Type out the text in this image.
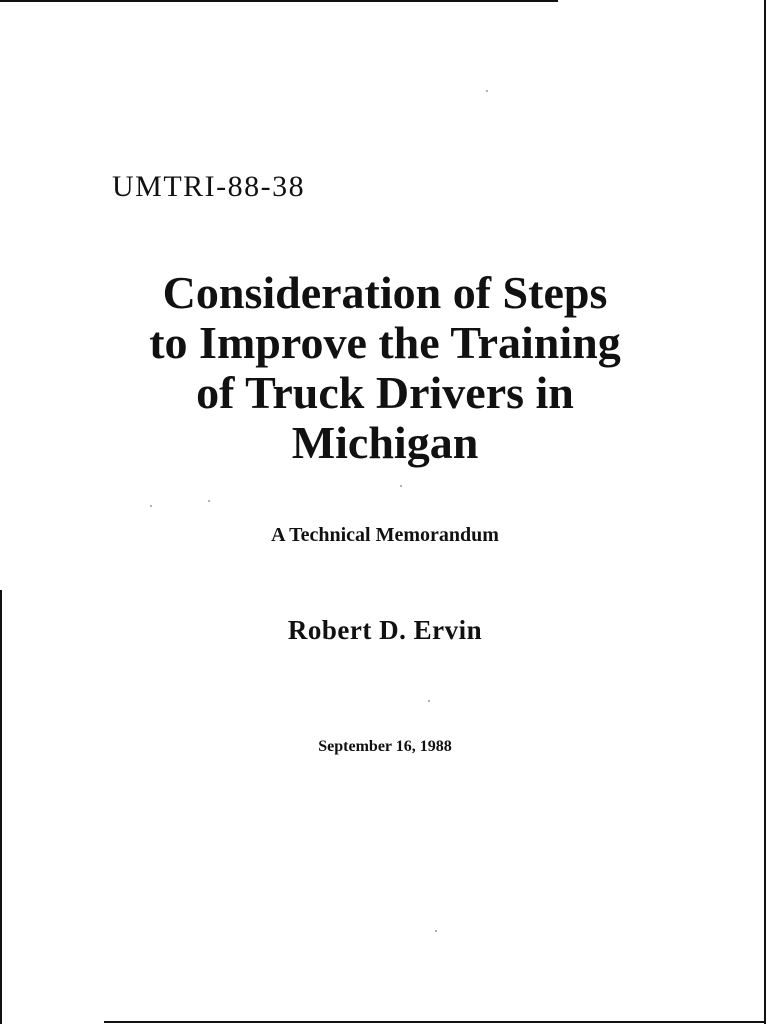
UMTRI-88-38
Consideration of Steps
to Improve the Training
of Truck Drivers in
Michigan
A Technical Memorandum
Robert D. Ervin
September 16, 1988
